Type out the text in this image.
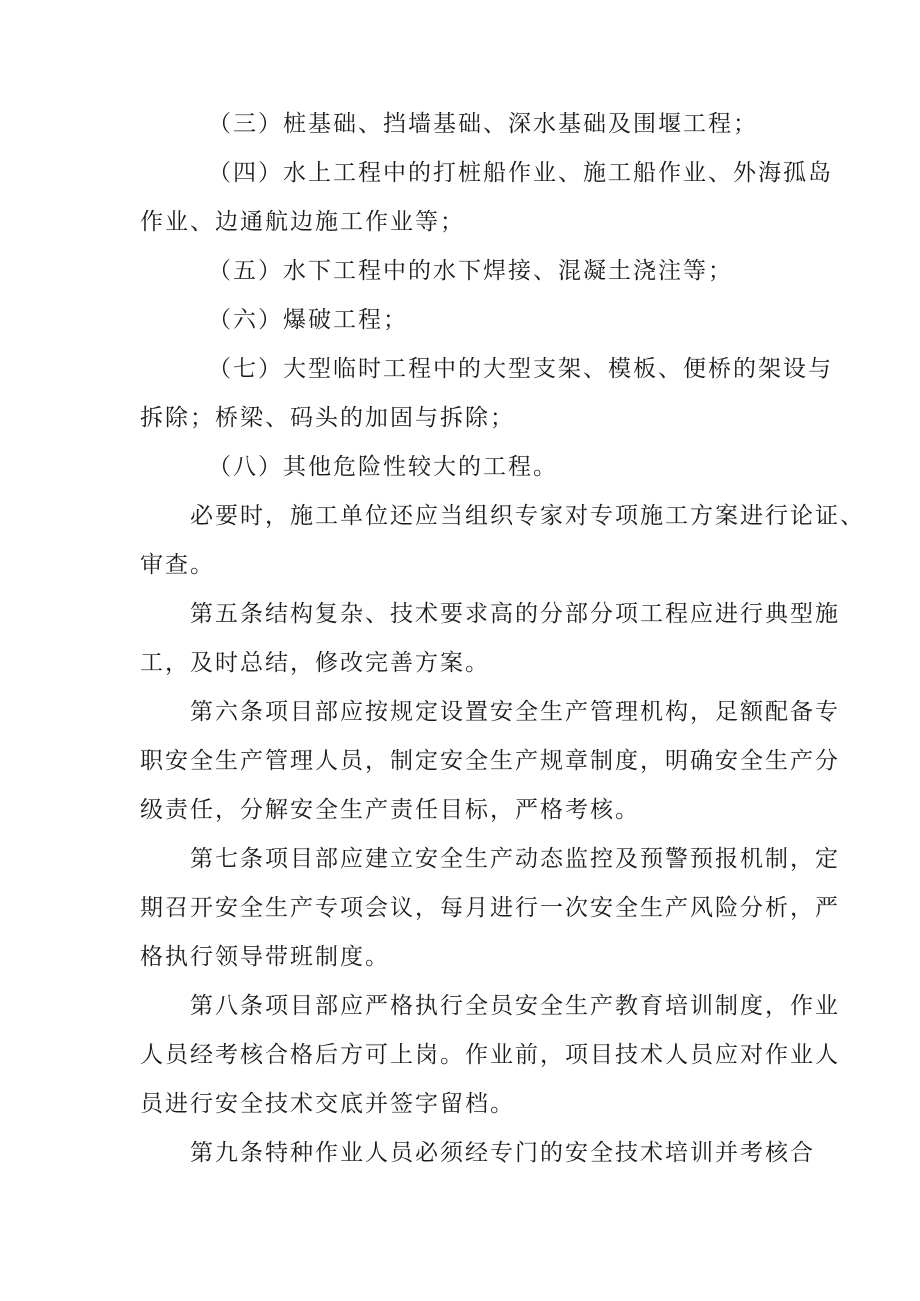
（三）桩基础、挡墙基础、深水基础及围堰工程；
（四）水上工程中的打桩船作业、施工船作业、外海孤岛
作业、边通航边施工作业等；
（五）水下工程中的水下焊接、混凝土浇注等；
（六）爆破工程；
（七）大型临时工程中的大型支架、模板、便桥的架设与
拆除；桥梁、码头的加固与拆除；
（八）其他危险性较大的工程。
必要时，施工单位还应当组织专家对专项施工方案进行论证、
审查。
第五条结构复杂、技术要求高的分部分项工程应进行典型施
工，及时总结，修改完善方案。
第六条项目部应按规定设置安全生产管理机构，足额配备专
职安全生产管理人员，制定安全生产规章制度，明确安全生产分
级责任，分解安全生产责任目标，严格考核。
第七条项目部应建立安全生产动态监控及预警预报机制，定
期召开安全生产专项会议，每月进行一次安全生产风险分析，严
格执行领导带班制度。
第八条项目部应严格执行全员安全生产教育培训制度，作业
人员经考核合格后方可上岗。作业前，项目技术人员应对作业人
员进行安全技术交底并签字留档。
第九条特种作业人员必须经专门的安全技术培训并考核合
